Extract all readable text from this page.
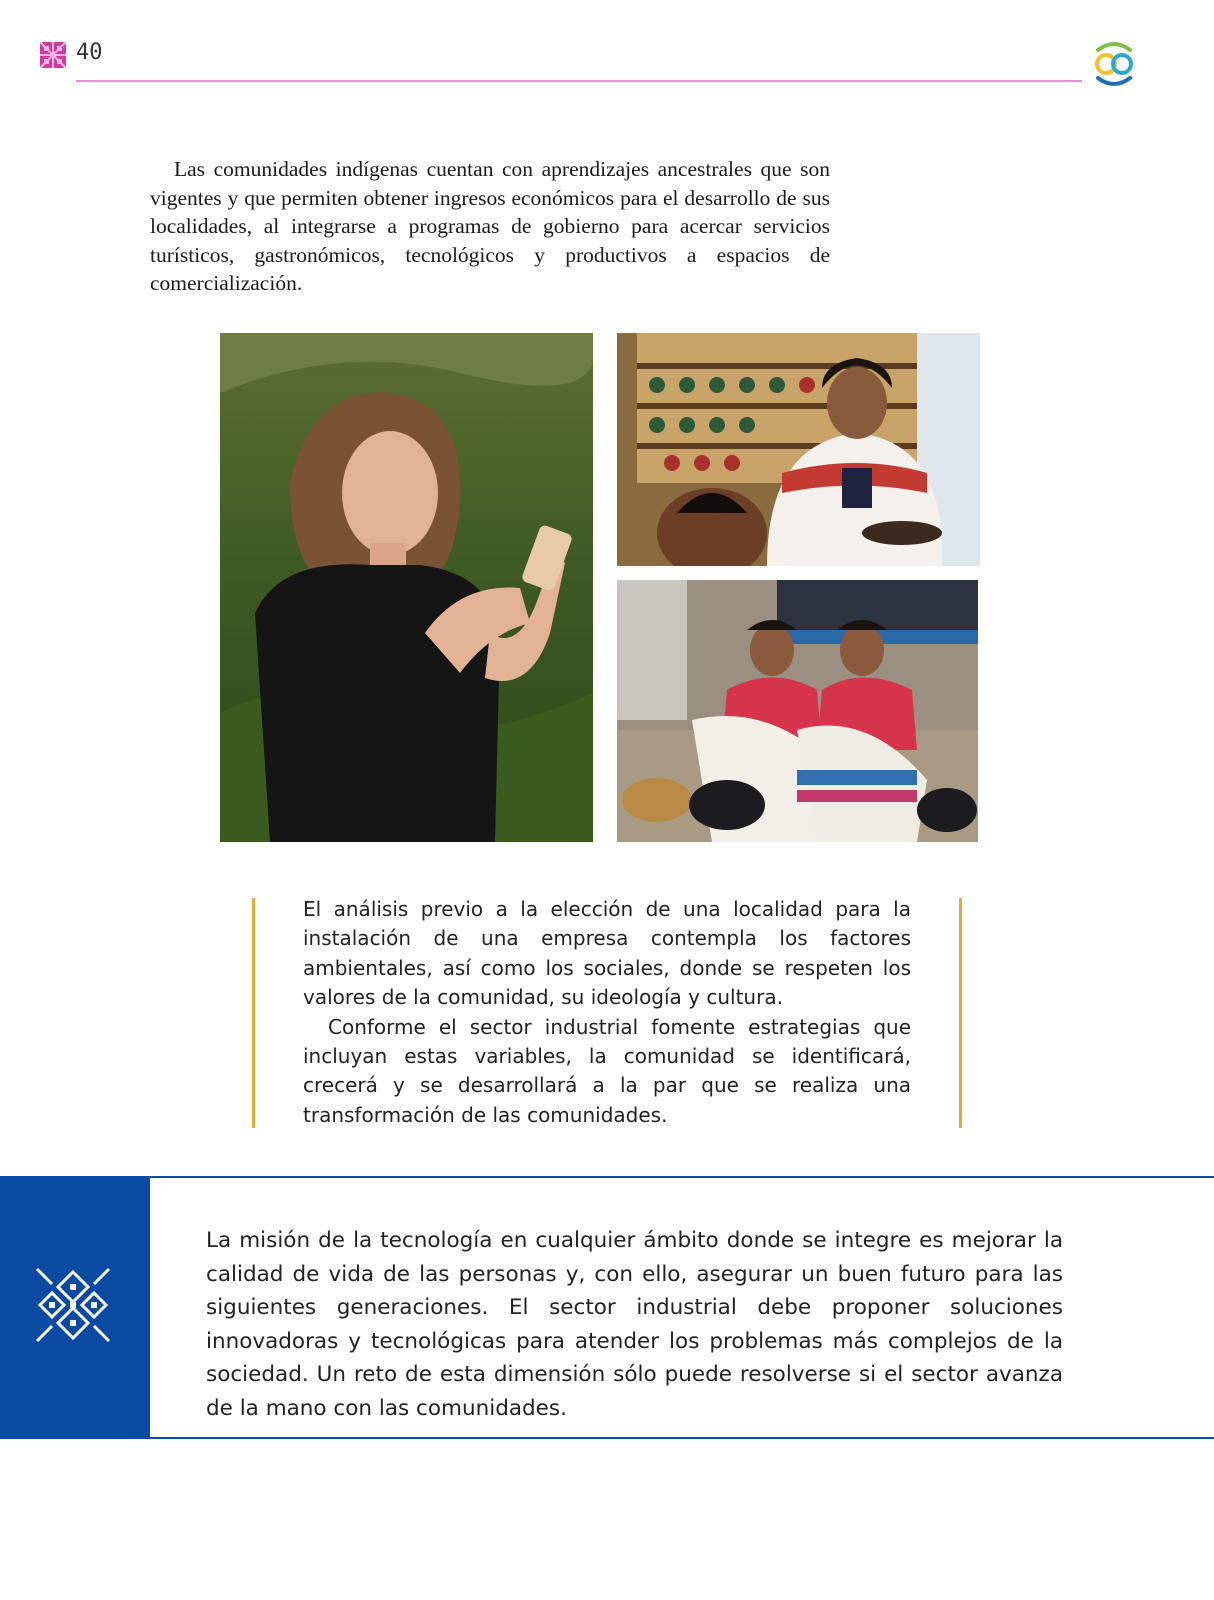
40

Las comunidades indígenas cuentan con aprendizajes ancestrales que son vigentes y que permiten obtener ingresos económicos para el desarrollo de sus localidades, al integrarse a programas de gobierno para acercar servicios turísticos, gastronómicos, tecnológicos y productivos a espacios de comercialización.

El análisis previo a la elección de una localidad para la instalación de una empresa contempla los factores ambientales, así como los sociales, donde se respeten los valores de la comunidad, su ideología y cultura.

Conforme el sector industrial fomente estrategias que incluyan estas variables, la comunidad se identificará, crecerá y se desarrollará a la par que se realiza una transformación de las comunidades.

La misión de la tecnología en cualquier ámbito donde se integre es mejorar la calidad de vida de las personas y, con ello, asegurar un buen futuro para las siguientes generaciones. El sector industrial debe proponer soluciones innovadoras y tecnológicas para atender los problemas más complejos de la sociedad. Un reto de esta dimensión sólo puede resolverse si el sector avanza de la mano con las comunidades.
